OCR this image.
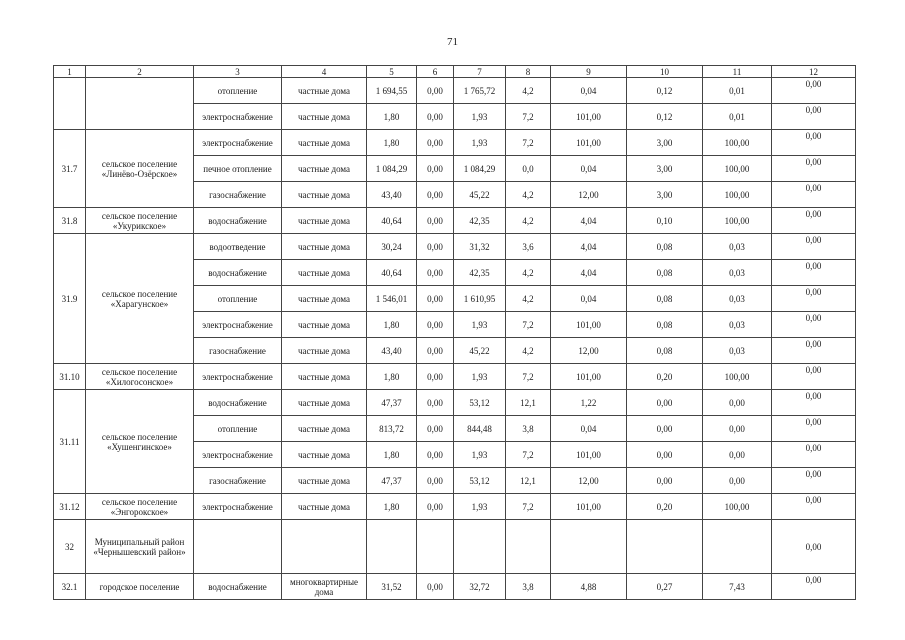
71
1	2	3	4	5	6	7	8	9	10	11	12
		отопление	частные дома	1 694,55	0,00	1 765,72	4,2	0,04	0,12	0,01	0,00
		электроснабжение	частные дома	1,80	0,00	1,93	7,2	101,00	0,12	0,01	0,00
31.7	сельское поселение «Линёво-Озёрское»	электроснабжение	частные дома	1,80	0,00	1,93	7,2	101,00	3,00	100,00	0,00
		печное отопление	частные дома	1 084,29	0,00	1 084,29	0,0	0,04	3,00	100,00	0,00
		газоснабжение	частные дома	43,40	0,00	45,22	4,2	12,00	3,00	100,00	0,00
31.8	сельское поселение «Укурикское»	водоснабжение	частные дома	40,64	0,00	42,35	4,2	4,04	0,10	100,00	0,00
31.9	сельское поселение «Харагунское»	водоотведение	частные дома	30,24	0,00	31,32	3,6	4,04	0,08	0,03	0,00
		водоснабжение	частные дома	40,64	0,00	42,35	4,2	4,04	0,08	0,03	0,00
		отопление	частные дома	1 546,01	0,00	1 610,95	4,2	0,04	0,08	0,03	0,00
		электроснабжение	частные дома	1,80	0,00	1,93	7,2	101,00	0,08	0,03	0,00
		газоснабжение	частные дома	43,40	0,00	45,22	4,2	12,00	0,08	0,03	0,00
31.10	сельское поселение «Хилогосонское»	электроснабжение	частные дома	1,80	0,00	1,93	7,2	101,00	0,20	100,00	0,00
31.11	сельское поселение «Хушенгинское»	водоснабжение	частные дома	47,37	0,00	53,12	12,1	1,22	0,00	0,00	0,00
		отопление	частные дома	813,72	0,00	844,48	3,8	0,04	0,00	0,00	0,00
		электроснабжение	частные дома	1,80	0,00	1,93	7,2	101,00	0,00	0,00	0,00
		газоснабжение	частные дома	47,37	0,00	53,12	12,1	12,00	0,00	0,00	0,00
31.12	сельское поселение «Энгорокское»	электроснабжение	частные дома	1,80	0,00	1,93	7,2	101,00	0,20	100,00	0,00
32	Муниципальный район «Чернышевский район»										0,00
32.1	городское поселение	водоснабжение	многоквартирные дома	31,52	0,00	32,72	3,8	4,88	0,27	7,43	0,00
